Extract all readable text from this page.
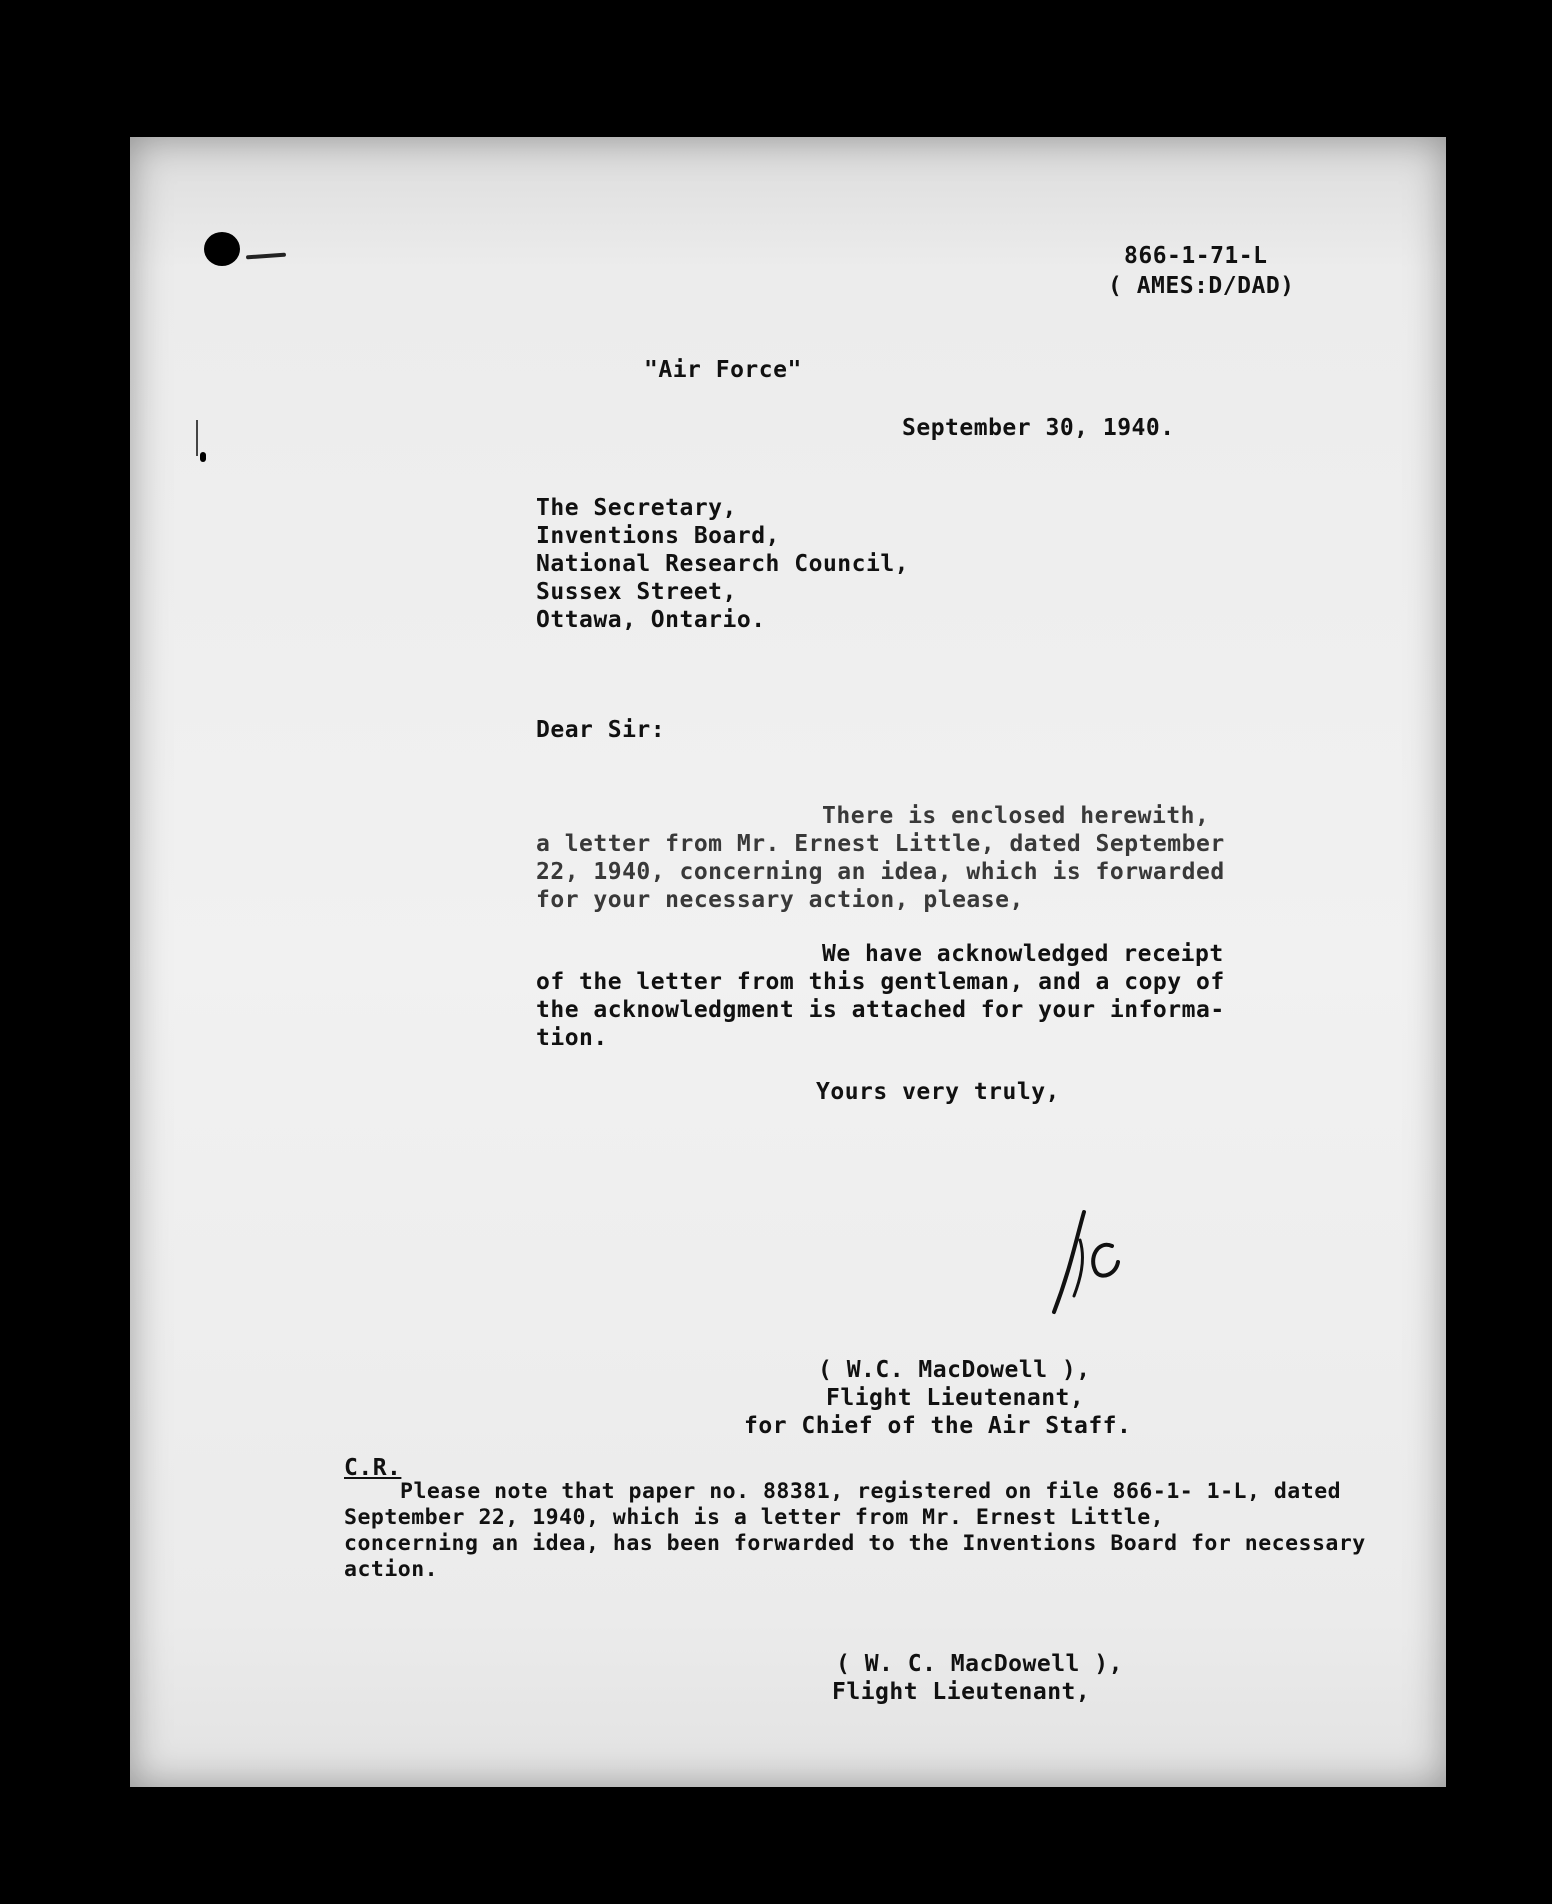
866-1-71-L
( AMES:D/DAD)
"Air Force"
September 30, 1940.
The Secretary,
Inventions Board,
National Research Council,
Sussex Street,
Ottawa, Ontario.
Dear Sir:
There is enclosed herewith,
a letter from Mr. Ernest Little, dated September
22, 1940, concerning an idea, which is forwarded
for your necessary action, please,
We have acknowledged receipt
of the letter from this gentleman, and a copy of
the acknowledgment is attached for your informa-
tion.
Yours very truly,
( W.C. MacDowell ),
Flight Lieutenant,
for Chief of the Air Staff.
C.R.
Please note that paper no. 88381, registered on file 866-1- 1-L, dated
September 22, 1940, which is a letter from Mr. Ernest Little,
concerning an idea, has been forwarded to the Inventions Board for necessary
action.
( W. C. MacDowell ),
Flight Lieutenant,
